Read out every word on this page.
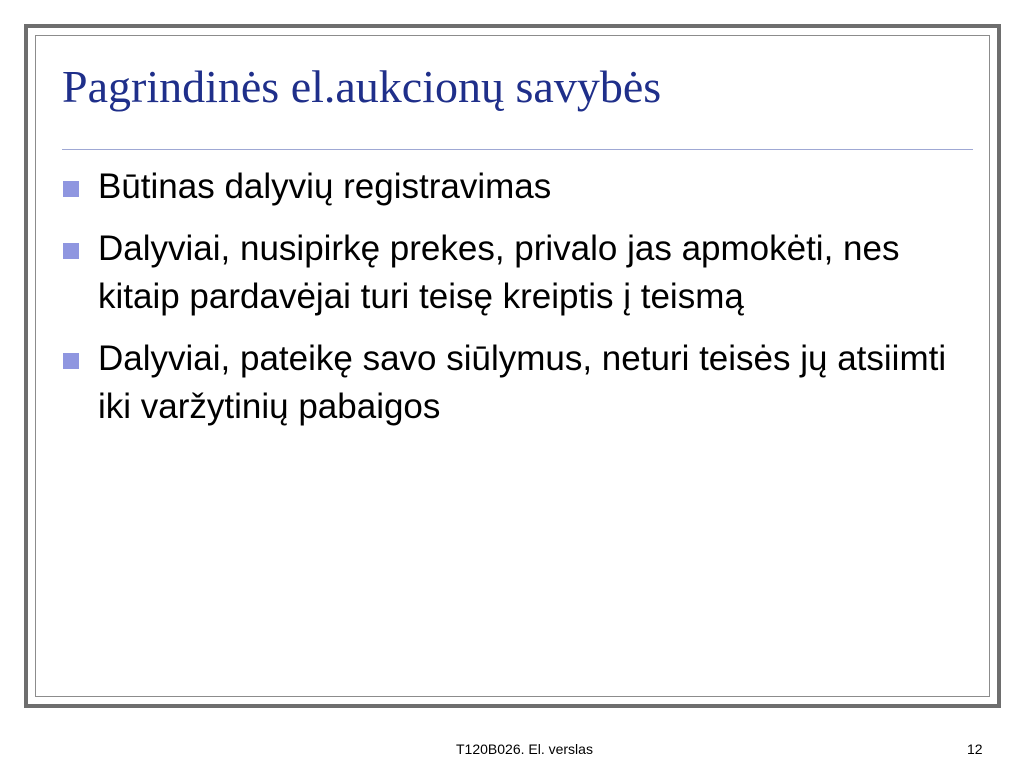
Pagrindinės el.aukcionų savybės
Būtinas dalyvių registravimas
Dalyviai, nusipirkę prekes, privalo jas apmokėti, nes kitaip pardavėjai turi teisę kreiptis į teismą
Dalyviai, pateikę savo siūlymus, neturi teisės jų atsiimti iki varžytinių pabaigos
T120B026. El. verslas	12
